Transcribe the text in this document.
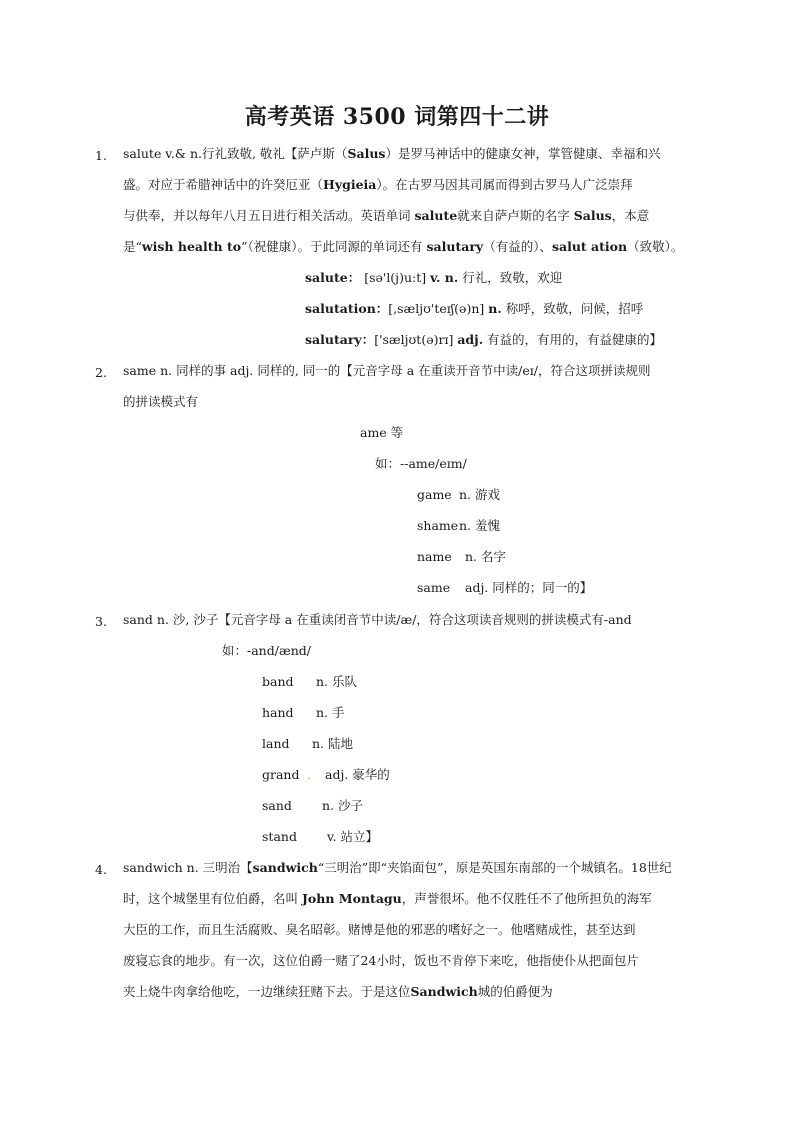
高考英语 3500 词第四十二讲
1. salute v.& n.行礼致敬, 敬礼【萨卢斯（Salus）是罗马神话中的健康女神，掌管健康、幸福和兴
盛。对应于希腊神话中的许癸厄亚（Hygieia）。在古罗马因其司属而得到古罗马人广泛崇拜
与供奉，并以每年八月五日进行相关活动。英语单词 salute就来自萨卢斯的名字 Salus，本意
是“wish health to”（祝健康）。于此同源的单词还有 salutary（有益的）、salut ation（致敬）。
salute： [sə'l(j)u:t] v. n. 行礼，致敬，欢迎
salutation：[,sæljʊ'teɪʃ(ə)n] n. 称呼，致敬，问候，招呼
salutary：['sæljʊt(ə)rɪ] adj. 有益的，有用的，有益健康的】
2. same n. 同样的事 adj. 同样的, 同一的【元音字母 a 在重读开音节中读/eɪ/，符合这项拼读规则
的拼读模式有
ame 等
如：--ame/eɪm/
game n. 游戏
shamen. 羞愧
name n. 名字
same adj. 同样的；同一的】
3. sand n. 沙, 沙子【元音字母 a 在重读闭音节中读/æ/，符合这项读音规则的拼读模式有-and
如：-and/ænd/
band n. 乐队
hand n. 手
land n. 陆地
grand . adj. 豪华的
sand n. 沙子
stand v. 站立】
4. sandwich n. 三明治【sandwich“三明治”即“夹馅面包”，原是英国东南部的一个城镇名。18世纪
时，这个城堡里有位伯爵，名叫 John Montagu，声誉很坏。他不仅胜任不了他所担负的海军
大臣的工作，而且生活腐败、臭名昭彰。赌博是他的邪恶的嗜好之一。他嗜赌成性，甚至达到
废寝忘食的地步。有一次，这位伯爵一赌了24小时，饭也不肯停下来吃，他指使仆从把面包片
夹上烧牛肉拿给他吃，一边继续狂赌下去。于是这位Sandwich城的伯爵便为
